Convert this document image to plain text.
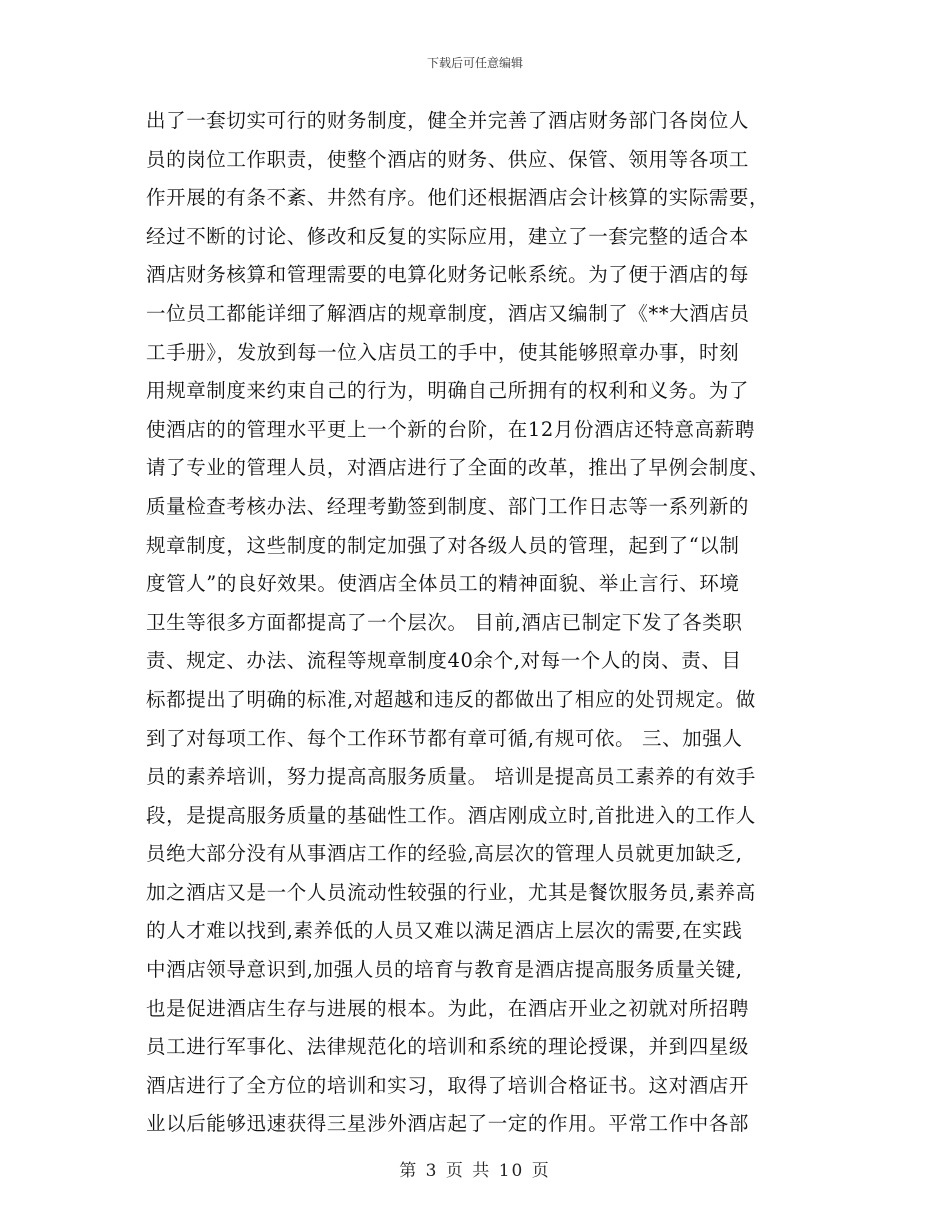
下载后可任意编辑
出了一套切实可行的财务制度，健全并完善了酒店财务部门各岗位人
员的岗位工作职责，使整个酒店的财务、供应、保管、领用等各项工
作开展的有条不紊、井然有序。他们还根据酒店会计核算的实际需要，
经过不断的讨论、修改和反复的实际应用，建立了一套完整的适合本
酒店财务核算和管理需要的电算化财务记帐系统。为了便于酒店的每
一位员工都能详细了解酒店的规章制度，酒店又编制了《**大酒店员
工手册》，发放到每一位入店员工的手中，使其能够照章办事，时刻
用规章制度来约束自己的行为，明确自己所拥有的权利和义务。为了
使酒店的的管理水平更上一个新的台阶，在12月份酒店还特意高薪聘
请了专业的管理人员，对酒店进行了全面的改革，推出了早例会制度、
质量检查考核办法、经理考勤签到制度、部门工作日志等一系列新的
规章制度，这些制度的制定加强了对各级人员的管理，起到了“以制
度管人”的良好效果。使酒店全体员工的精神面貌、举止言行、环境
卫生等很多方面都提高了一个层次。 目前,酒店已制定下发了各类职
责、规定、办法、流程等规章制度40余个,对每一个人的岗、责、目
标都提出了明确的标准,对超越和违反的都做出了相应的处罚规定。做
到了对每项工作、每个工作环节都有章可循,有规可依。 三、加强人
员的素养培训，努力提高高服务质量。 培训是提高员工素养的有效手
段，是提高服务质量的基础性工作。酒店刚成立时,首批进入的工作人
员绝大部分没有从事酒店工作的经验,高层次的管理人员就更加缺乏,
加之酒店又是一个人员流动性较强的行业，尤其是餐饮服务员,素养高
的人才难以找到,素养低的人员又难以满足酒店上层次的需要,在实践
中酒店领导意识到,加强人员的培育与教育是酒店提高服务质量关键,
也是促进酒店生存与进展的根本。为此，在酒店开业之初就对所招聘
员工进行军事化、法律规范化的培训和系统的理论授课，并到四星级
酒店进行了全方位的培训和实习，取得了培训合格证书。这对酒店开
业以后能够迅速获得三星涉外酒店起了一定的作用。平常工作中各部
第 3 页 共 10 页
